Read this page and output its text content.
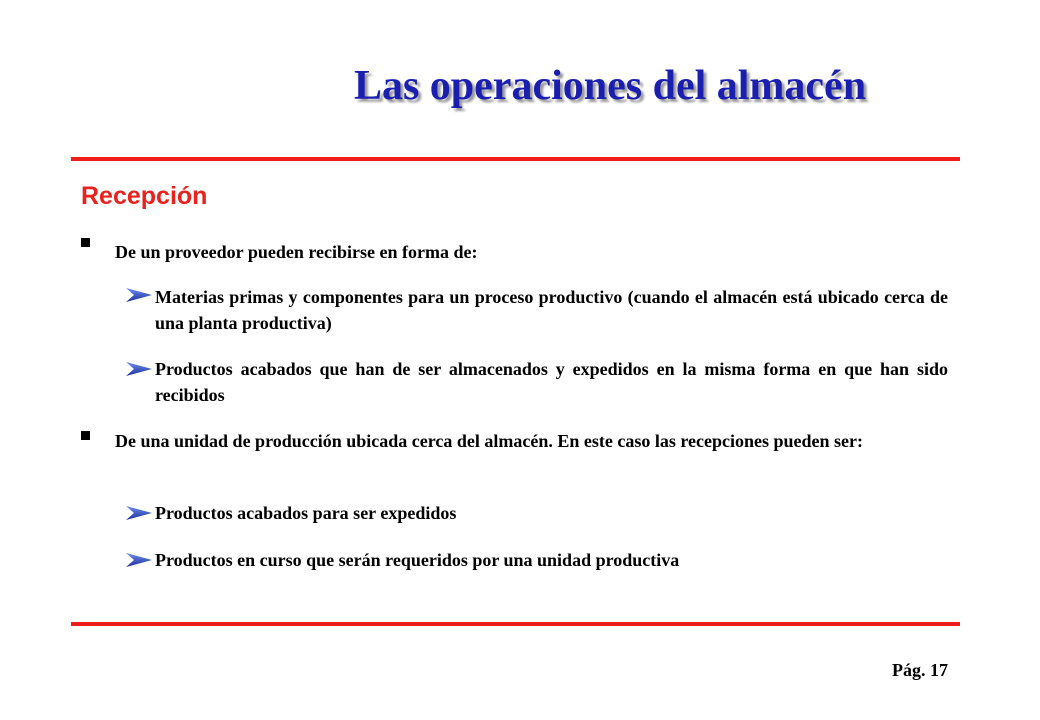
Las operaciones del almacén
Recepción

De un proveedor pueden recibirse en forma de:

Materias primas y componentes para un proceso productivo (cuando el almacén está ubicado cerca de una planta productiva)

Productos acabados que han de ser almacenados y expedidos en la misma forma en que han sido recibidos

De una unidad de producción ubicada cerca del almacén. En este caso las recepciones pueden ser:

Productos acabados para ser expedidos

Productos en curso que serán requeridos por una unidad productiva

Pág. 17
